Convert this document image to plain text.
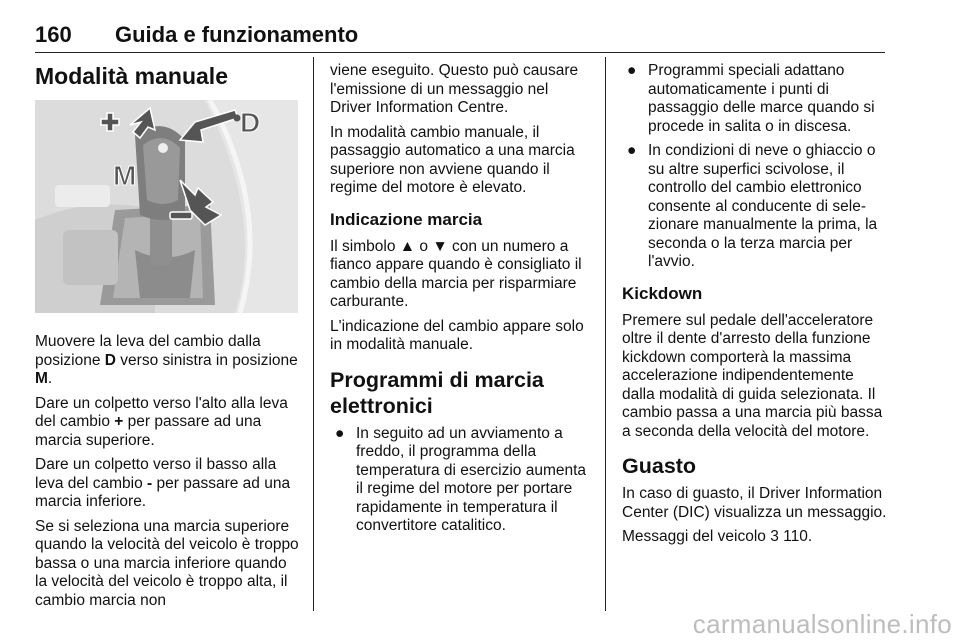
160 Guida e funzionamento
Modalità manuale
D
M

Muovere la leva del cambio dalla posizione D verso sinistra in posizione M.

Dare un colpetto verso l'alto alla leva del cambio + per passare ad una marcia superiore.

Dare un colpetto verso il basso alla leva del cambio - per passare ad una marcia inferiore.

Se si seleziona una marcia superiore quando la velocità del veicolo è troppo bassa o una marcia inferiore quando la velocità del veicolo è troppo alta, il cambio marcia non

viene eseguito. Questo può causare l'emissione di un messaggio nel Driver Information Centre.

In modalità cambio manuale, il passaggio automatico a una marcia superiore non avviene quando il regime del motore è elevato.

Indicazione marcia

Il simbolo ▲ o ▼ con un numero a fianco appare quando è consigliato il cambio della marcia per risparmiare carburante.

L'indicazione del cambio appare solo in modalità manuale.

Programmi di marcia elettronici
● In seguito ad un avviamento a freddo, il programma della temperatura di esercizio aumenta il regime del motore per portare rapidamente in temperatura il convertitore catalitico.
● Programmi speciali adattano automaticamente i punti di passaggio delle marce quando si procede in salita o in discesa.
● In condizioni di neve o ghiaccio o su altre superfici scivolose, il controllo del cambio elettronico consente al conducente di selezionare manualmente la prima, la seconda o la terza marcia per l'avvio.
Kickdown

Premere sul pedale dell'acceleratore oltre il dente d'arresto della funzione kickdown comporterà la massima accelerazione indipendentemente dalla modalità di guida selezionata. Il cambio passa a una marcia più bassa a seconda della velocità del motore.

Guasto

In caso di guasto, il Driver Information Center (DIC) visualizza un messaggio.

Messaggi del veicolo 3 110.

carmanualsonline.info
